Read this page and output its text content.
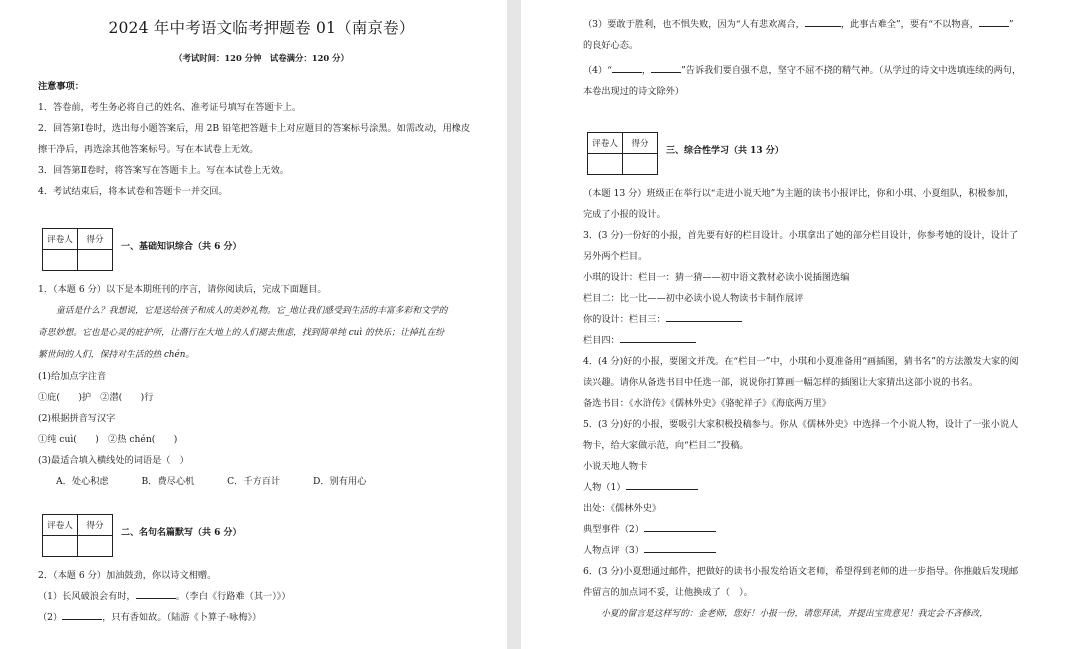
2024 年中考语文临考押题卷 01（南京卷）
（考试时间：120 分钟　试卷满分：120 分）

注意事项：

1．答卷前，考生务必将自己的姓名、准考证号填写在答题卡上。

2．回答第Ⅰ卷时，选出每小题答案后，用 2B 铅笔把答题卡上对应题目的答案标号涂黑。如需改动，用橡皮

擦干净后，再选涂其他答案标号。写在本试卷上无效。

3．回答第Ⅱ卷时，将答案写在答题卡上。写在本试卷上无效。

4．考试结束后，将本试卷和答题卡一并交回。

评卷人	得分

一、基础知识综合（共 6 分）

1．（本题 6 分）以下是本期班刊的序言，请你阅读后，完成下面题目。

童话是什么？我想说，它是送给孩子和成人的美妙礼物。它_地让我们感受到生活的丰富多彩和文学的

奇思妙想。它也是心灵的庇护所，让潜行在大地上的人们褪去焦虑，找到简单纯 cuì 的快乐；让掉扎在纷

繁世间的人们，保持对生活的热 chén。

(1)给加点字注音

①庇(　　)护　②潜(　　)行

(2)根据拼音写汉字

①纯 cuì(　　)　②热 chén(　　)

(3)最适合填入横线处的词语是（　）

A．处心积虑	B．费尽心机	C．千方百计	D．别有用心

评卷人	得分

二、名句名篇默写（共 6 分）

2．（本题 6 分）加油鼓劲，你以诗文相赠。

（1）长风破浪会有时，	。（李白《行路难（其一）》）

（2）	，只有香如故。（陆游《卜算子·咏梅》）

（3）要敢于胜利，也不惧失败，因为“人有悲欢离合，	，此事古难全”，要有“不以物喜，	”

的良好心态。

（4）“	，	”告诉我们要自强不息，坚守不屈不挠的精气神。（从学过的诗文中选填连续的两句，

本卷出现过的诗文除外）

评卷人	得分

三、综合性学习（共 13 分）

（本题 13 分）班级正在举行以“走进小说天地”为主题的读书小报评比，你和小琪、小夏组队，积极参加，

完成了小报的设计。

3．(3 分)一份好的小报，首先要有好的栏目设计。小琪拿出了她的部分栏目设计，你参考她的设计，设计了

另外两个栏目。

小琪的设计：栏目一：猜一猜——初中语文教材必读小说插图选编

栏目二：比一比——初中必读小说人物读书卡制作展评

你的设计：栏目三：

栏目四：

4．(4 分)好的小报，要图文并茂。在“栏目一”中，小琪和小夏准备用“画插图，猜书名”的方法激发大家的阅

读兴趣。请你从备选书目中任选一部，说说你打算画一幅怎样的插图让大家猜出这部小说的书名。

备选书目：《水浒传》《儒林外史》《骆驼祥子》《海底两万里》

5．(3 分)好的小报，要吸引大家积极投稿参与。你从《儒林外史》中选择一个小说人物，设计了一张小说人

物卡，给大家做示范，向“栏目二”投稿。

小说天地人物卡

人物（1）

出处：《儒林外史》

典型事件（2）

人物点评（3）

6．(3 分)小夏想通过邮件，把做好的读书小报发给语文老师，希望得到老师的进一步指导。你推敲后发现邮

件留言的加点词不妥，让他换成了（　）。

小夏的留言是这样写的：金老师，您好！小报一份，请您拜读，并提出宝贵意见！我定会不吝修改，
